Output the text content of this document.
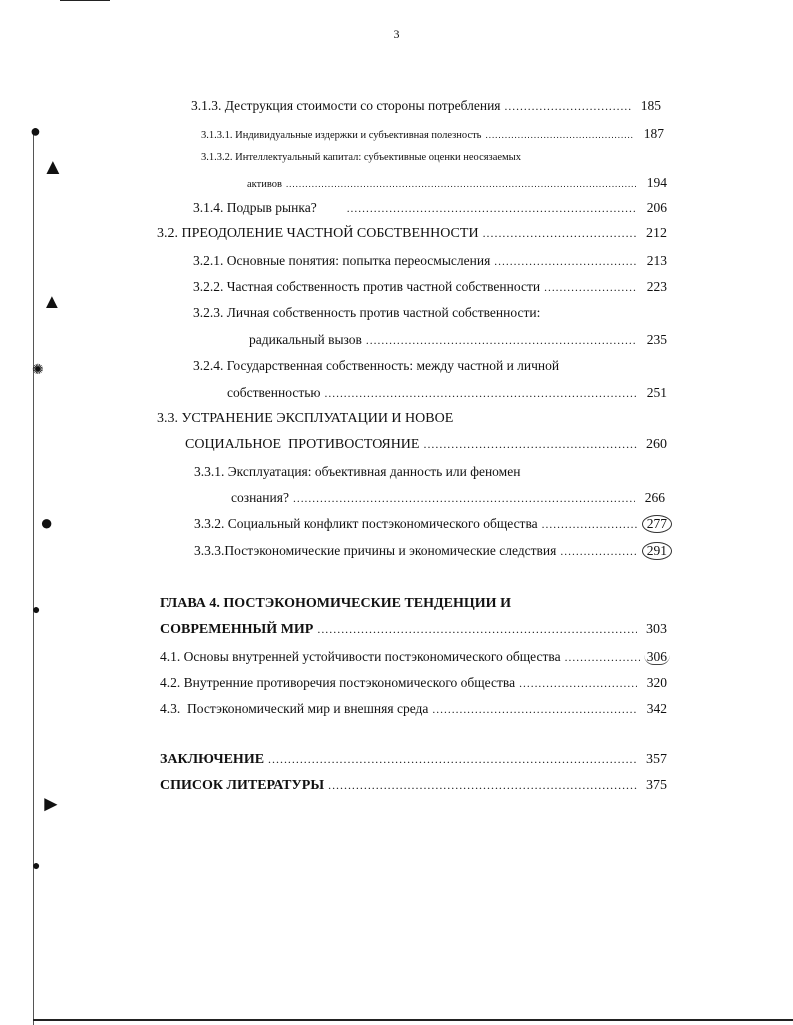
3
3.1.3. Деструкция стоимости со стороны потребления .....	185
3.1.3.1. Индивидуальные издержки и субъективная полезность .....	187
3.1.3.2. Интеллектуальный капитал: субъективные оценки неосязаемых
активов .....	194
3.1.4. Подрыв рынка? .....	206
3.2. ПРЕОДОЛЕНИЕ ЧАСТНОЙ СОБСТВЕННОСТИ .....	212
3.2.1. Основные понятия: попытка переосмысления .....	213
3.2.2. Частная собственность против частной собственности .....	223
3.2.3. Личная собственность против частной собственности:
радикальный вызов .....	235
3.2.4. Государственная собственность: между частной и личной
собственностью .....	251
3.3. УСТРАНЕНИЕ ЭКСПЛУАТАЦИИ И НОВОЕ
СОЦИАЛЬНОЕ  ПРОТИВОСТОЯНИЕ .....	260
3.3.1. Эксплуатация: объективная данность или феномен
сознания? .....	266
3.3.2. Социальный конфликт постэкономического общества .....	277
3.3.3.Постэкономические причины и экономические следствия .....	291
ГЛАВА 4. ПОСТЭКОНОМИЧЕСКИЕ ТЕНДЕНЦИИ И
СОВРЕМЕННЫЙ МИР .....	303
4.1. Основы внутренней устойчивости постэкономического общества .....	306
4.2. Внутренние противоречия постэкономического общества .....	320
4.3.  Постэкономический мир и внешняя среда .....	342
ЗАКЛЮЧЕНИЕ .....	357
СПИСОК ЛИТЕРАТУРЫ .....	375
●
▲
▲
✺
●
●
►
●
